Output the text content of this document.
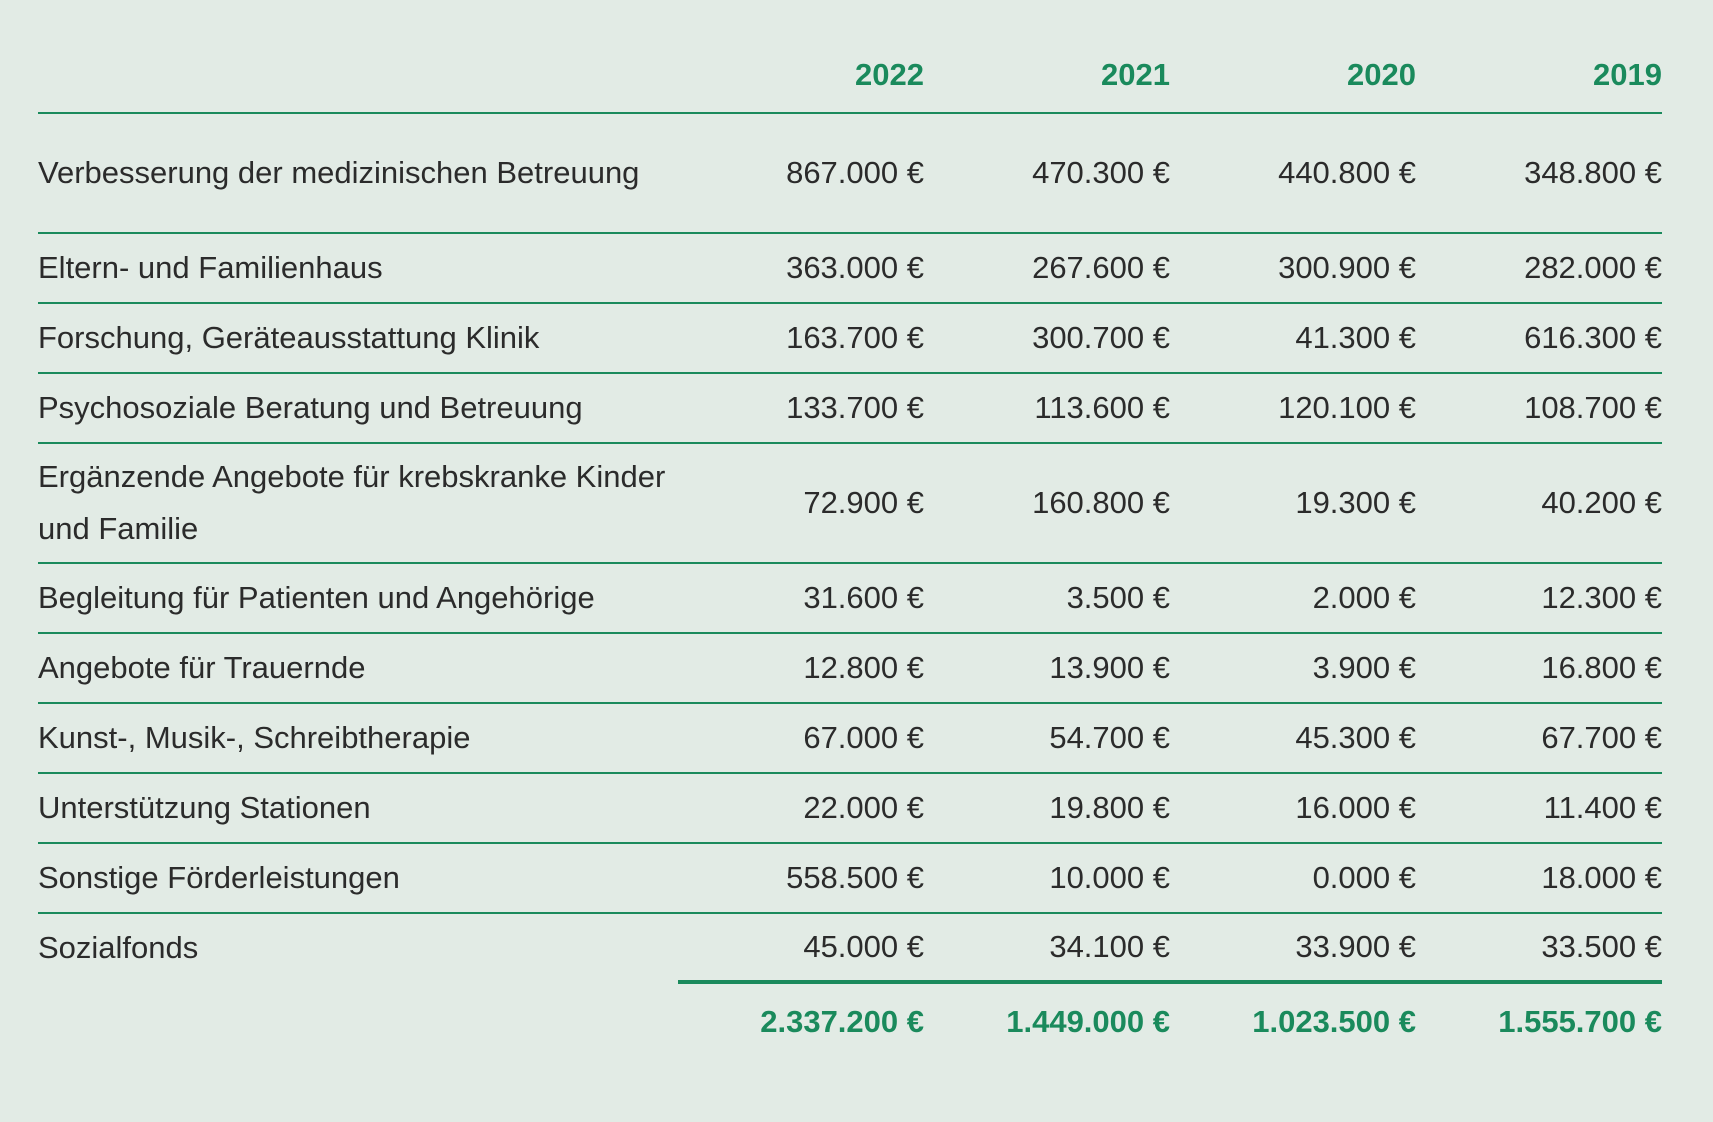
	2022	2021	2020	2019
Verbesserung der medizinischen Betreuung	867.000 €	470.300 €	440.800 €	348.800 €
Eltern- und Familienhaus	363.000 €	267.600 €	300.900 €	282.000 €
Forschung, Geräteausstattung Klinik	163.700 €	300.700 €	41.300 €	616.300 €
Psychosoziale Beratung und Betreuung	133.700 €	113.600 €	120.100 €	108.700 €
Ergänzende Angebote für krebskranke Kinder und Familie	72.900 €	160.800 €	19.300 €	40.200 €
Begleitung für Patienten und Angehörige	31.600 €	3.500 €	2.000 €	12.300 €
Angebote für Trauernde	12.800 €	13.900 €	3.900 €	16.800 €
Kunst-, Musik-, Schreibtherapie	67.000 €	54.700 €	45.300 €	67.700 €
Unterstützung Stationen	22.000 €	19.800 €	16.000 €	11.400 €
Sonstige Förderleistungen	558.500 €	10.000 €	0.000 €	18.000 €
Sozialfonds	45.000 €	34.100 €	33.900 €	33.500 €
	2.337.200 €	1.449.000 €	1.023.500 €	1.555.700 €
